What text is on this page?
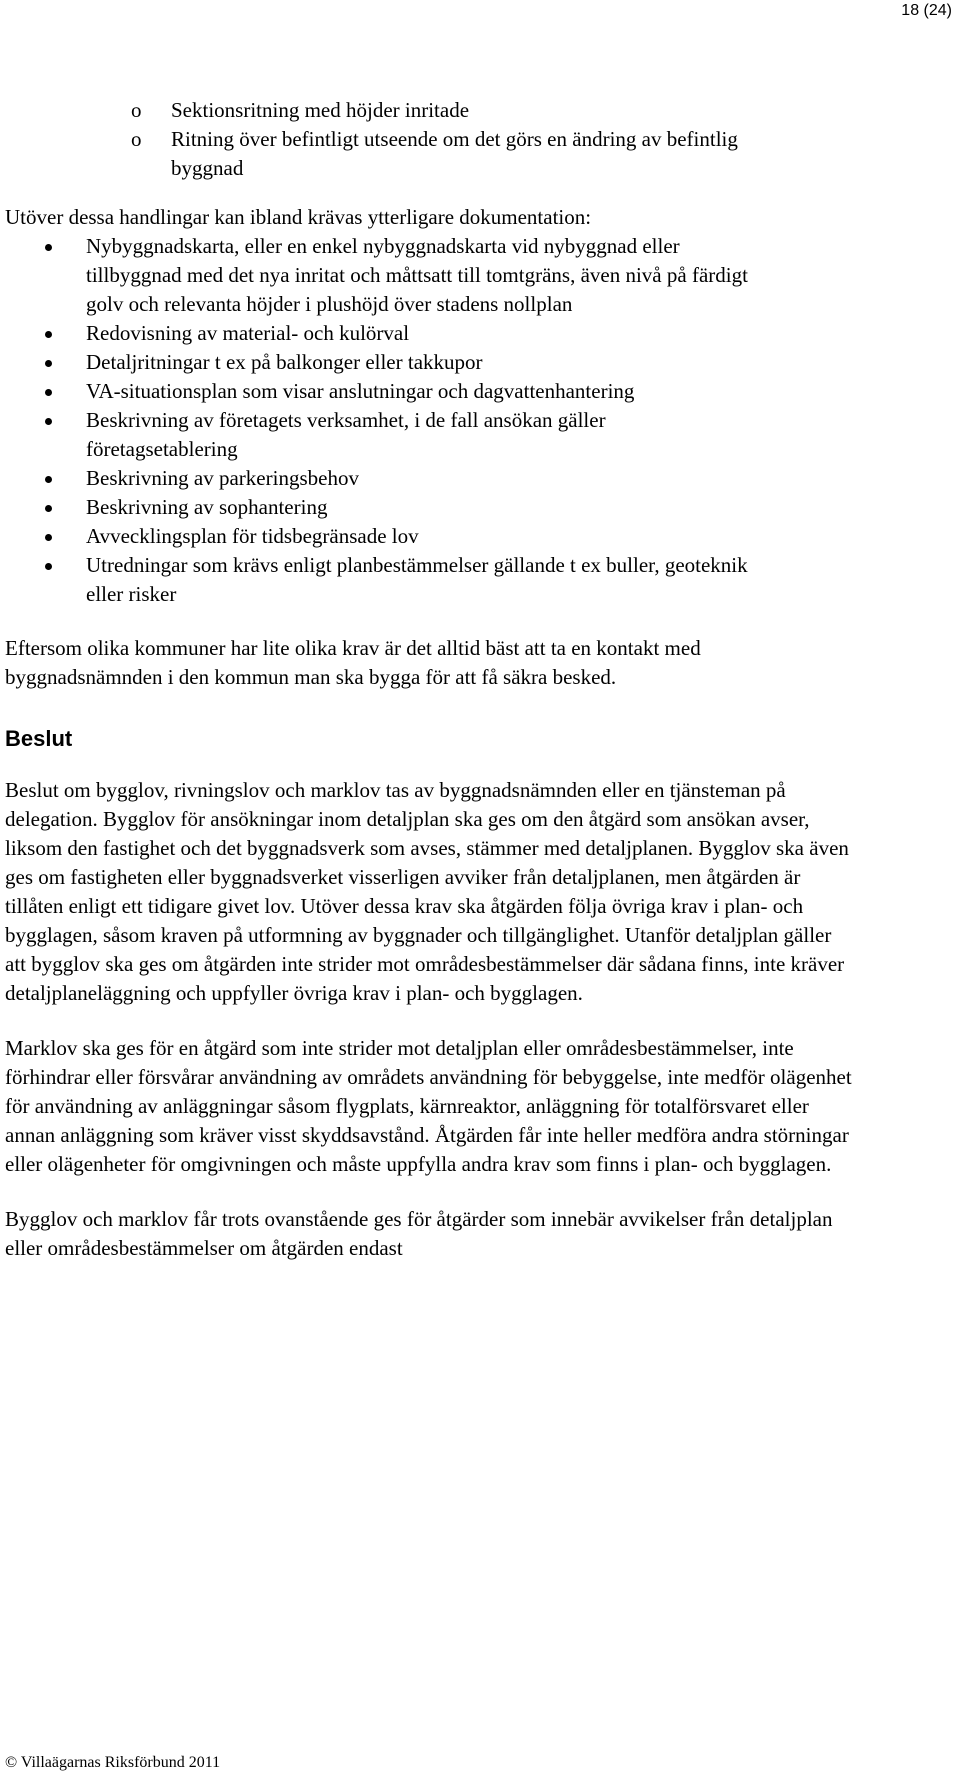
18 (24)
o Sektionsritning med höjder inritade
o Ritning över befintligt utseende om det görs en ändring av befintlig byggnad

Utöver dessa handlingar kan ibland krävas ytterligare dokumentation:

Nybyggnadskarta, eller en enkel nybyggnadskarta vid nybyggnad eller tillbyggnad med det nya inritat och måttsatt till tomtgräns, även nivå på färdigt golv och relevanta höjder i plushöjd över stadens nollplan
Redovisning av material- och kulörval
Detaljritningar t ex på balkonger eller takkupor
VA-situationsplan som visar anslutningar och dagvattenhantering
Beskrivning av företagets verksamhet, i de fall ansökan gäller företagsetablering
Beskrivning av parkeringsbehov
Beskrivning av sophantering
Avvecklingsplan för tidsbegränsade lov
Utredningar som krävs enligt planbestämmelser gällande t ex buller, geoteknik eller risker

Eftersom olika kommuner har lite olika krav är det alltid bäst att ta en kontakt med byggnadsnämnden i den kommun man ska bygga för att få säkra besked.

Beslut

Beslut om bygglov, rivningslov och marklov tas av byggnadsnämnden eller en tjänsteman på delegation. Bygglov för ansökningar inom detaljplan ska ges om den åtgärd som ansökan avser, liksom den fastighet och det byggnadsverk som avses, stämmer med detaljplanen. Bygglov ska även ges om fastigheten eller byggnadsverket visserligen avviker från detaljplanen, men åtgärden är tillåten enligt ett tidigare givet lov. Utöver dessa krav ska åtgärden följa övriga krav i plan- och bygglagen, såsom kraven på utformning av byggnader och tillgänglighet. Utanför detaljplan gäller att bygglov ska ges om åtgärden inte strider mot områdesbestämmelser där sådana finns, inte kräver detaljplaneläggning och uppfyller övriga krav i plan- och bygglagen.

Marklov ska ges för en åtgärd som inte strider mot detaljplan eller områdesbestämmelser, inte förhindrar eller försvårar användning av områdets användning för bebyggelse, inte medför olägenhet för användning av anläggningar såsom flygplats, kärnreaktor, anläggning för totalförsvaret eller annan anläggning som kräver visst skyddsavstånd. Åtgärden får inte heller medföra andra störningar eller olägenheter för omgivningen och måste uppfylla andra krav som finns i plan- och bygglagen.

Bygglov och marklov får trots ovanstående ges för åtgärder som innebär avvikelser från detaljplan eller områdesbestämmelser om åtgärden endast

© Villaägarnas Riksförbund 2011
